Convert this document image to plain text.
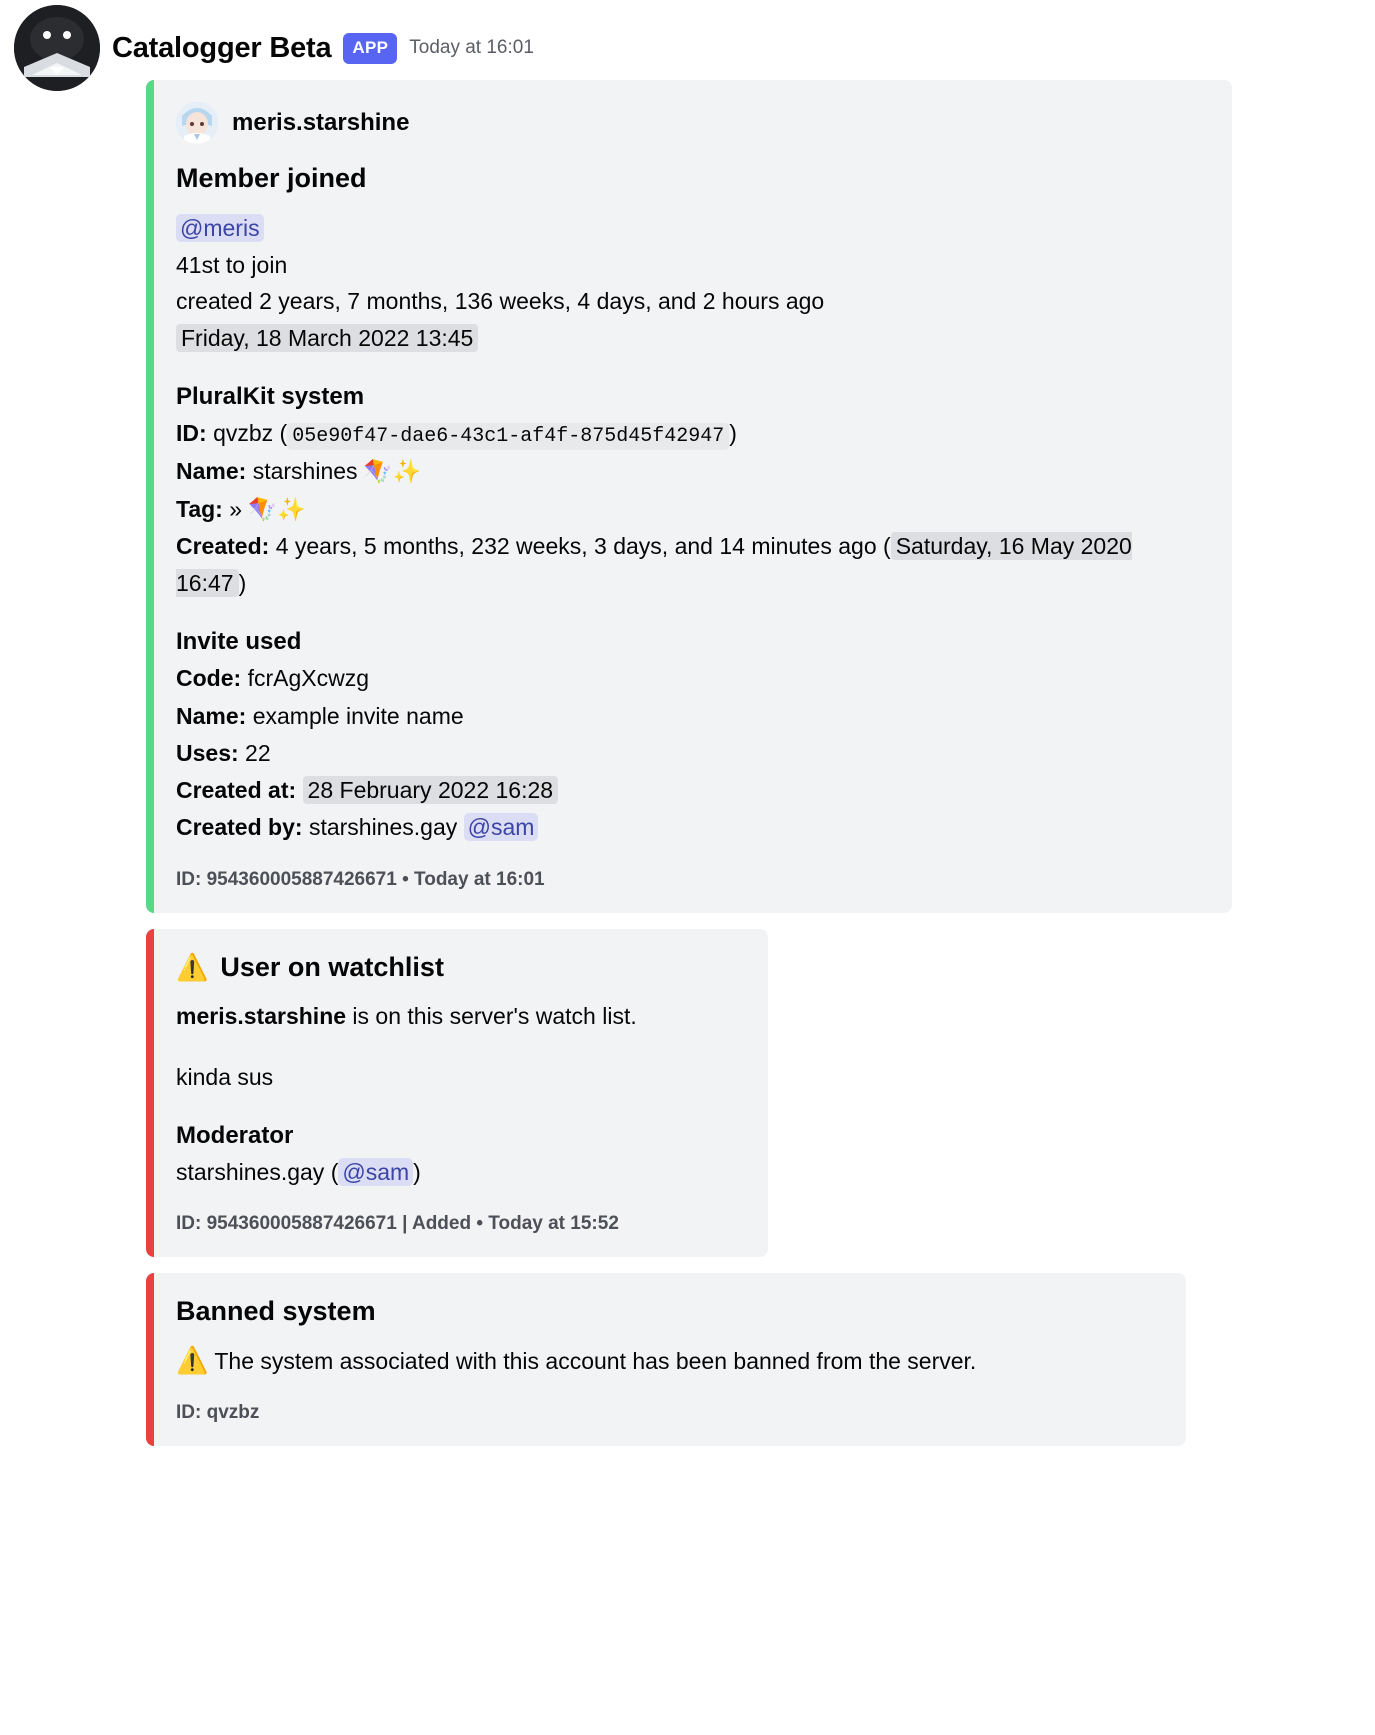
Catalogger Beta	APP	Today at 16:01
meris.starshine
Member joined
@meris
41st to join
created 2 years, 7 months, 136 weeks, 4 days, and 2 hours ago
Friday, 18 March 2022 13:45
PluralKit system
ID: qvzbz ( 05e90f47-dae6-43c1-af4f-875d45f42947 )
Name: starshines 🪁✨
Tag: » 🪁✨
Created: 4 years, 5 months, 232 weeks, 3 days, and 14 minutes ago ( Saturday, 16 May 2020 16:47 )
Invite used
Code: fcrAgXcwzg
Name: example invite name
Uses: 22
Created at: 28 February 2022 16:28
Created by: starshines.gay @sam
ID: 954360005887426671 • Today at 16:01
⚠️ User on watchlist
meris.starshine is on this server's watch list.
kinda sus
Moderator
starshines.gay ( @sam )
ID: 954360005887426671 | Added • Today at 15:52
Banned system
⚠️ The system associated with this account has been banned from the server.
ID: qvzbz
